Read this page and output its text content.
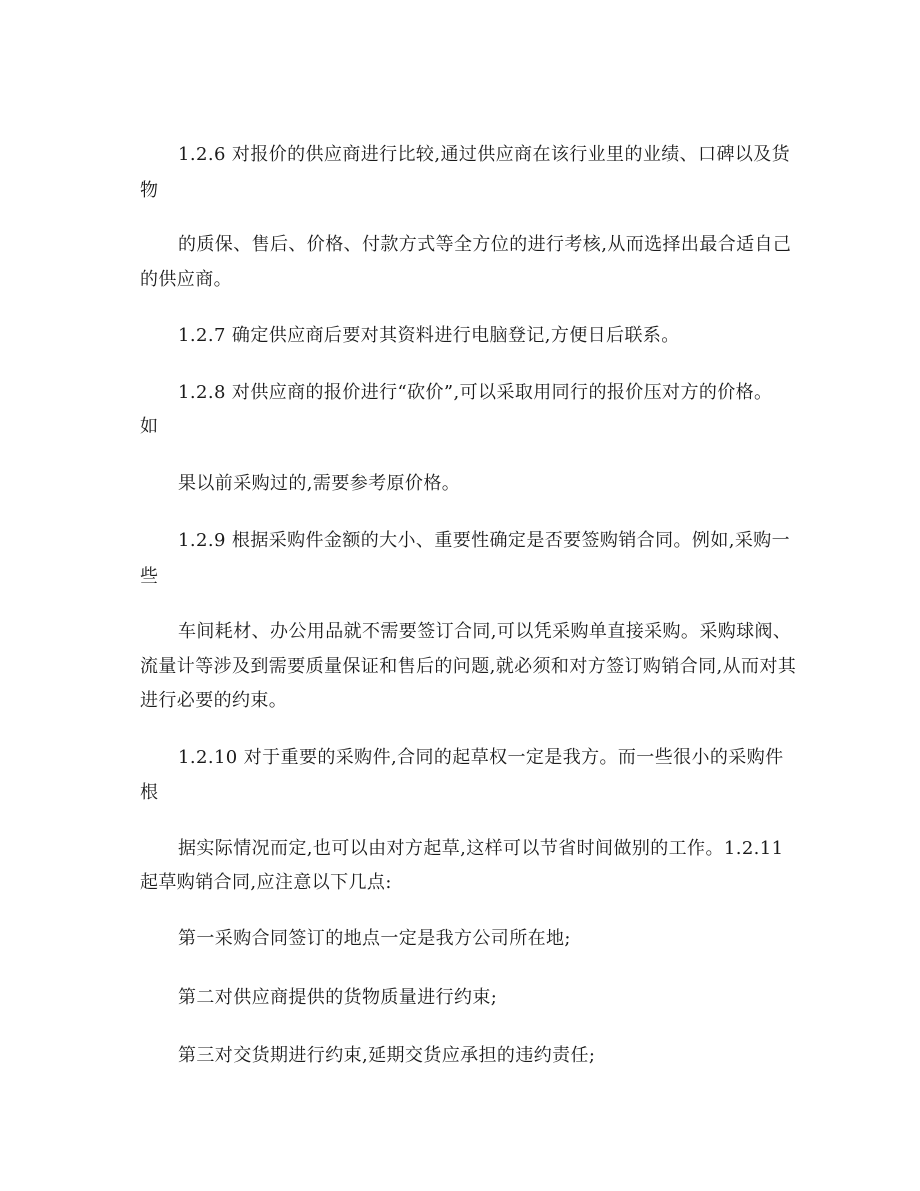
1.2.6 对报价的供应商进行比较,通过供应商在该行业里的业绩、口碑以及货
物
的质保、售后、价格、付款方式等全方位的进行考核,从而选择出最合适自己
的供应商。
1.2.7 确定供应商后要对其资料进行电脑登记,方便日后联系。
1.2.8 对供应商的报价进行“砍价”,可以采取用同行的报价压对方的价格。
如
果以前采购过的,需要参考原价格。
1.2.9 根据采购件金额的大小、重要性确定是否要签购销合同。例如,采购一
些
车间耗材、办公用品就不需要签订合同,可以凭采购单直接采购。采购球阀、
流量计等涉及到需要质量保证和售后的问题,就必须和对方签订购销合同,从而对其
进行必要的约束。
1.2.10 对于重要的采购件,合同的起草权一定是我方。而一些很小的采购件
根
据实际情况而定,也可以由对方起草,这样可以节省时间做别的工作。1.2.11
起草购销合同,应注意以下几点:
第一采购合同签订的地点一定是我方公司所在地;
第二对供应商提供的货物质量进行约束;
第三对交货期进行约束,延期交货应承担的违约责任;
